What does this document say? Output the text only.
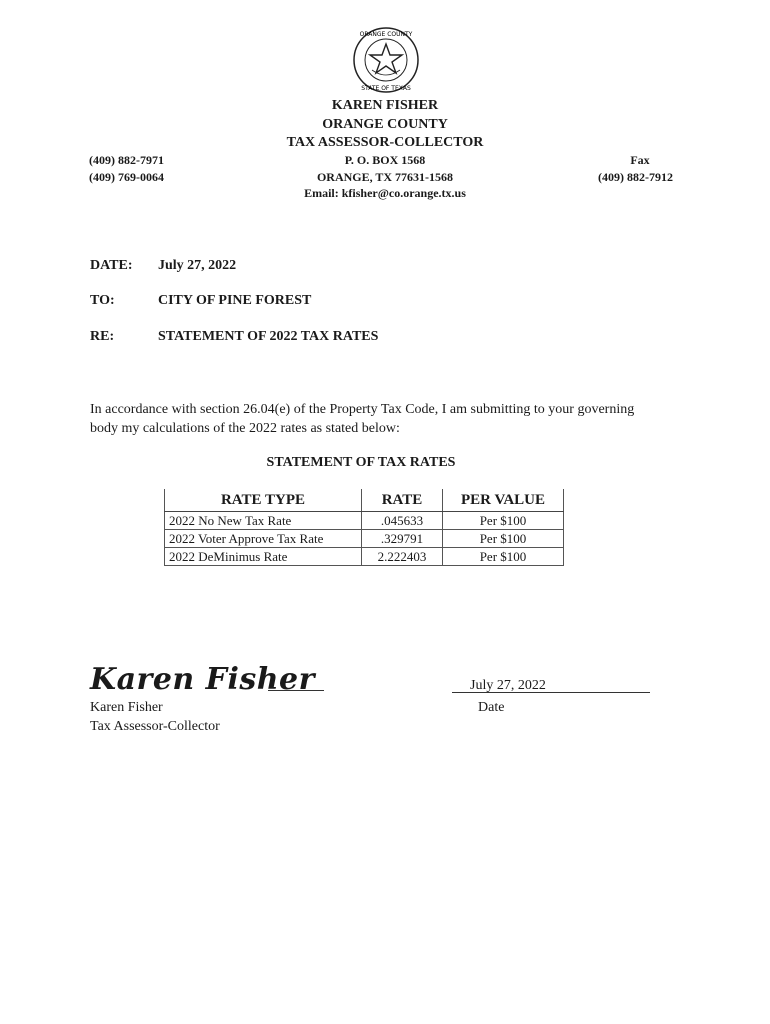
ORANGE COUNTY
STATE OF TEXAS
KAREN FISHER
ORANGE COUNTY
TAX ASSESSOR-COLLECTOR
P. O. BOX 1568
ORANGE, TX 77631-1568
Email: kfisher@co.orange.tx.us
(409) 882-7971
(409) 769-0064
Fax
(409) 882-7912
DATE: July 27, 2022
TO:	CITY OF PINE FOREST
RE:	STATEMENT OF 2022 TAX RATES
In accordance with section 26.04(e) of the Property Tax Code, I am submitting to your governing
body my calculations of the 2022 rates as stated below:
STATEMENT OF TAX RATES
RATE TYPE	RATE	PER VALUE
2022 No New Tax Rate	.045633	Per $100
2022 Voter Approve Tax Rate	.329791	Per $100
2022 DeMinimus Rate	2.222403	Per $100
Karen Fisher
Karen Fisher
Tax Assessor-Collector
July 27, 2022
Date
